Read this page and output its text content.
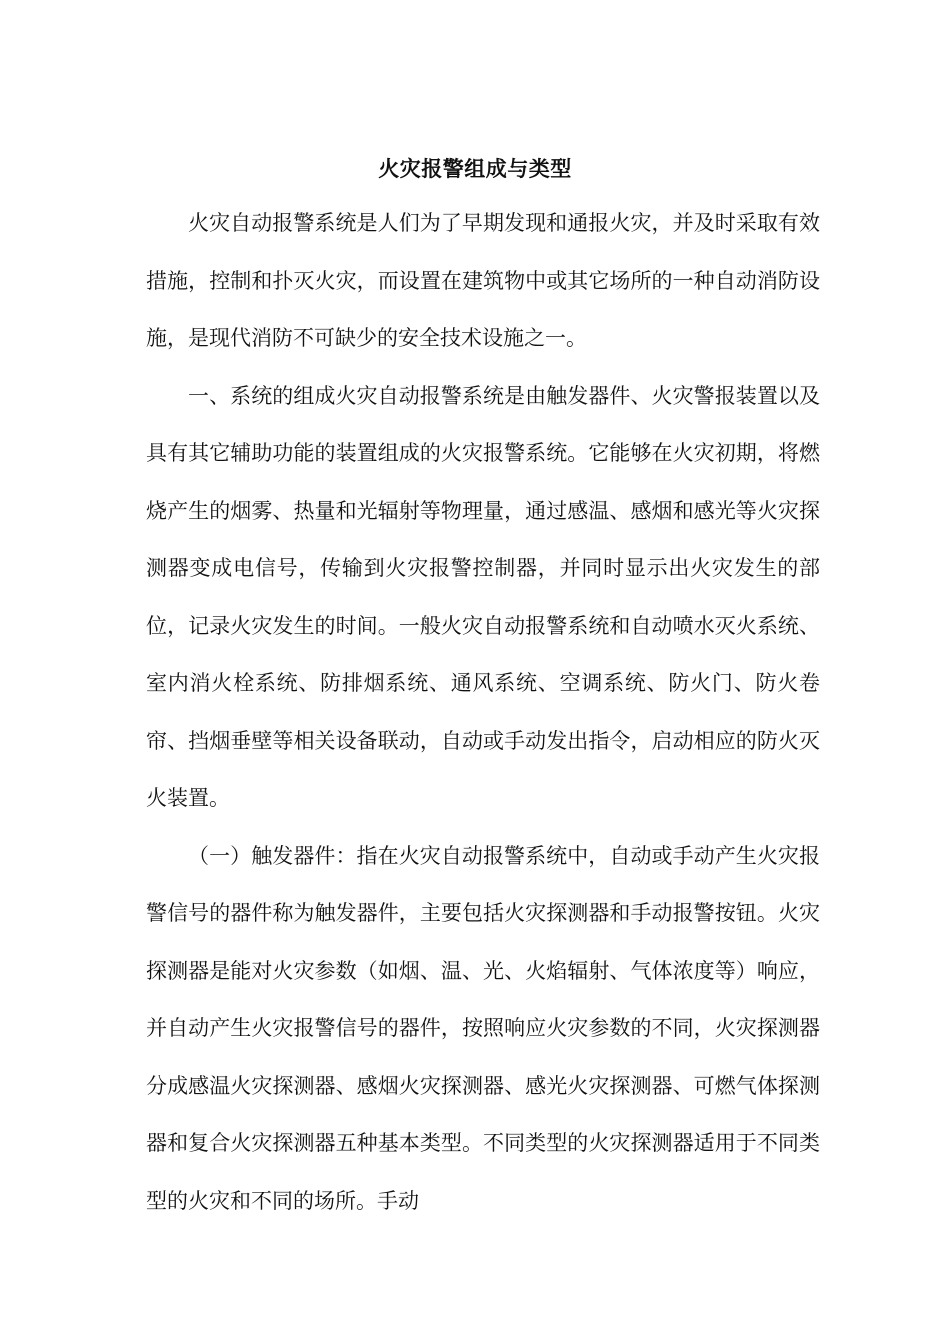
火灾报警组成与类型

火灾自动报警系统是人们为了早期发现和通报火灾，并及时采取有效措施，控制和扑灭火灾，而设置在建筑物中或其它场所的一种自动消防设施，是现代消防不可缺少的安全技术设施之一。

一、系统的组成火灾自动报警系统是由触发器件、火灾警报装置以及具有其它辅助功能的装置组成的火灾报警系统。它能够在火灾初期，将燃烧产生的烟雾、热量和光辐射等物理量，通过感温、感烟和感光等火灾探测器变成电信号，传输到火灾报警控制器，并同时显示出火灾发生的部位，记录火灾发生的时间。一般火灾自动报警系统和自动喷水灭火系统、室内消火栓系统、防排烟系统、通风系统、空调系统、防火门、防火卷帘、挡烟垂壁等相关设备联动，自动或手动发出指令，启动相应的防火灭火装置。

（一）触发器件：指在火灾自动报警系统中，自动或手动产生火灾报警信号的器件称为触发器件，主要包括火灾探测器和手动报警按钮。火灾探测器是能对火灾参数（如烟、温、光、火焰辐射、气体浓度等）响应，并自动产生火灾报警信号的器件，按照响应火灾参数的不同，火灾探测器分成感温火灾探测器、感烟火灾探测器、感光火灾探测器、可燃气体探测器和复合火灾探测器五种基本类型。不同类型的火灾探测器适用于不同类型的火灾和不同的场所。手动
